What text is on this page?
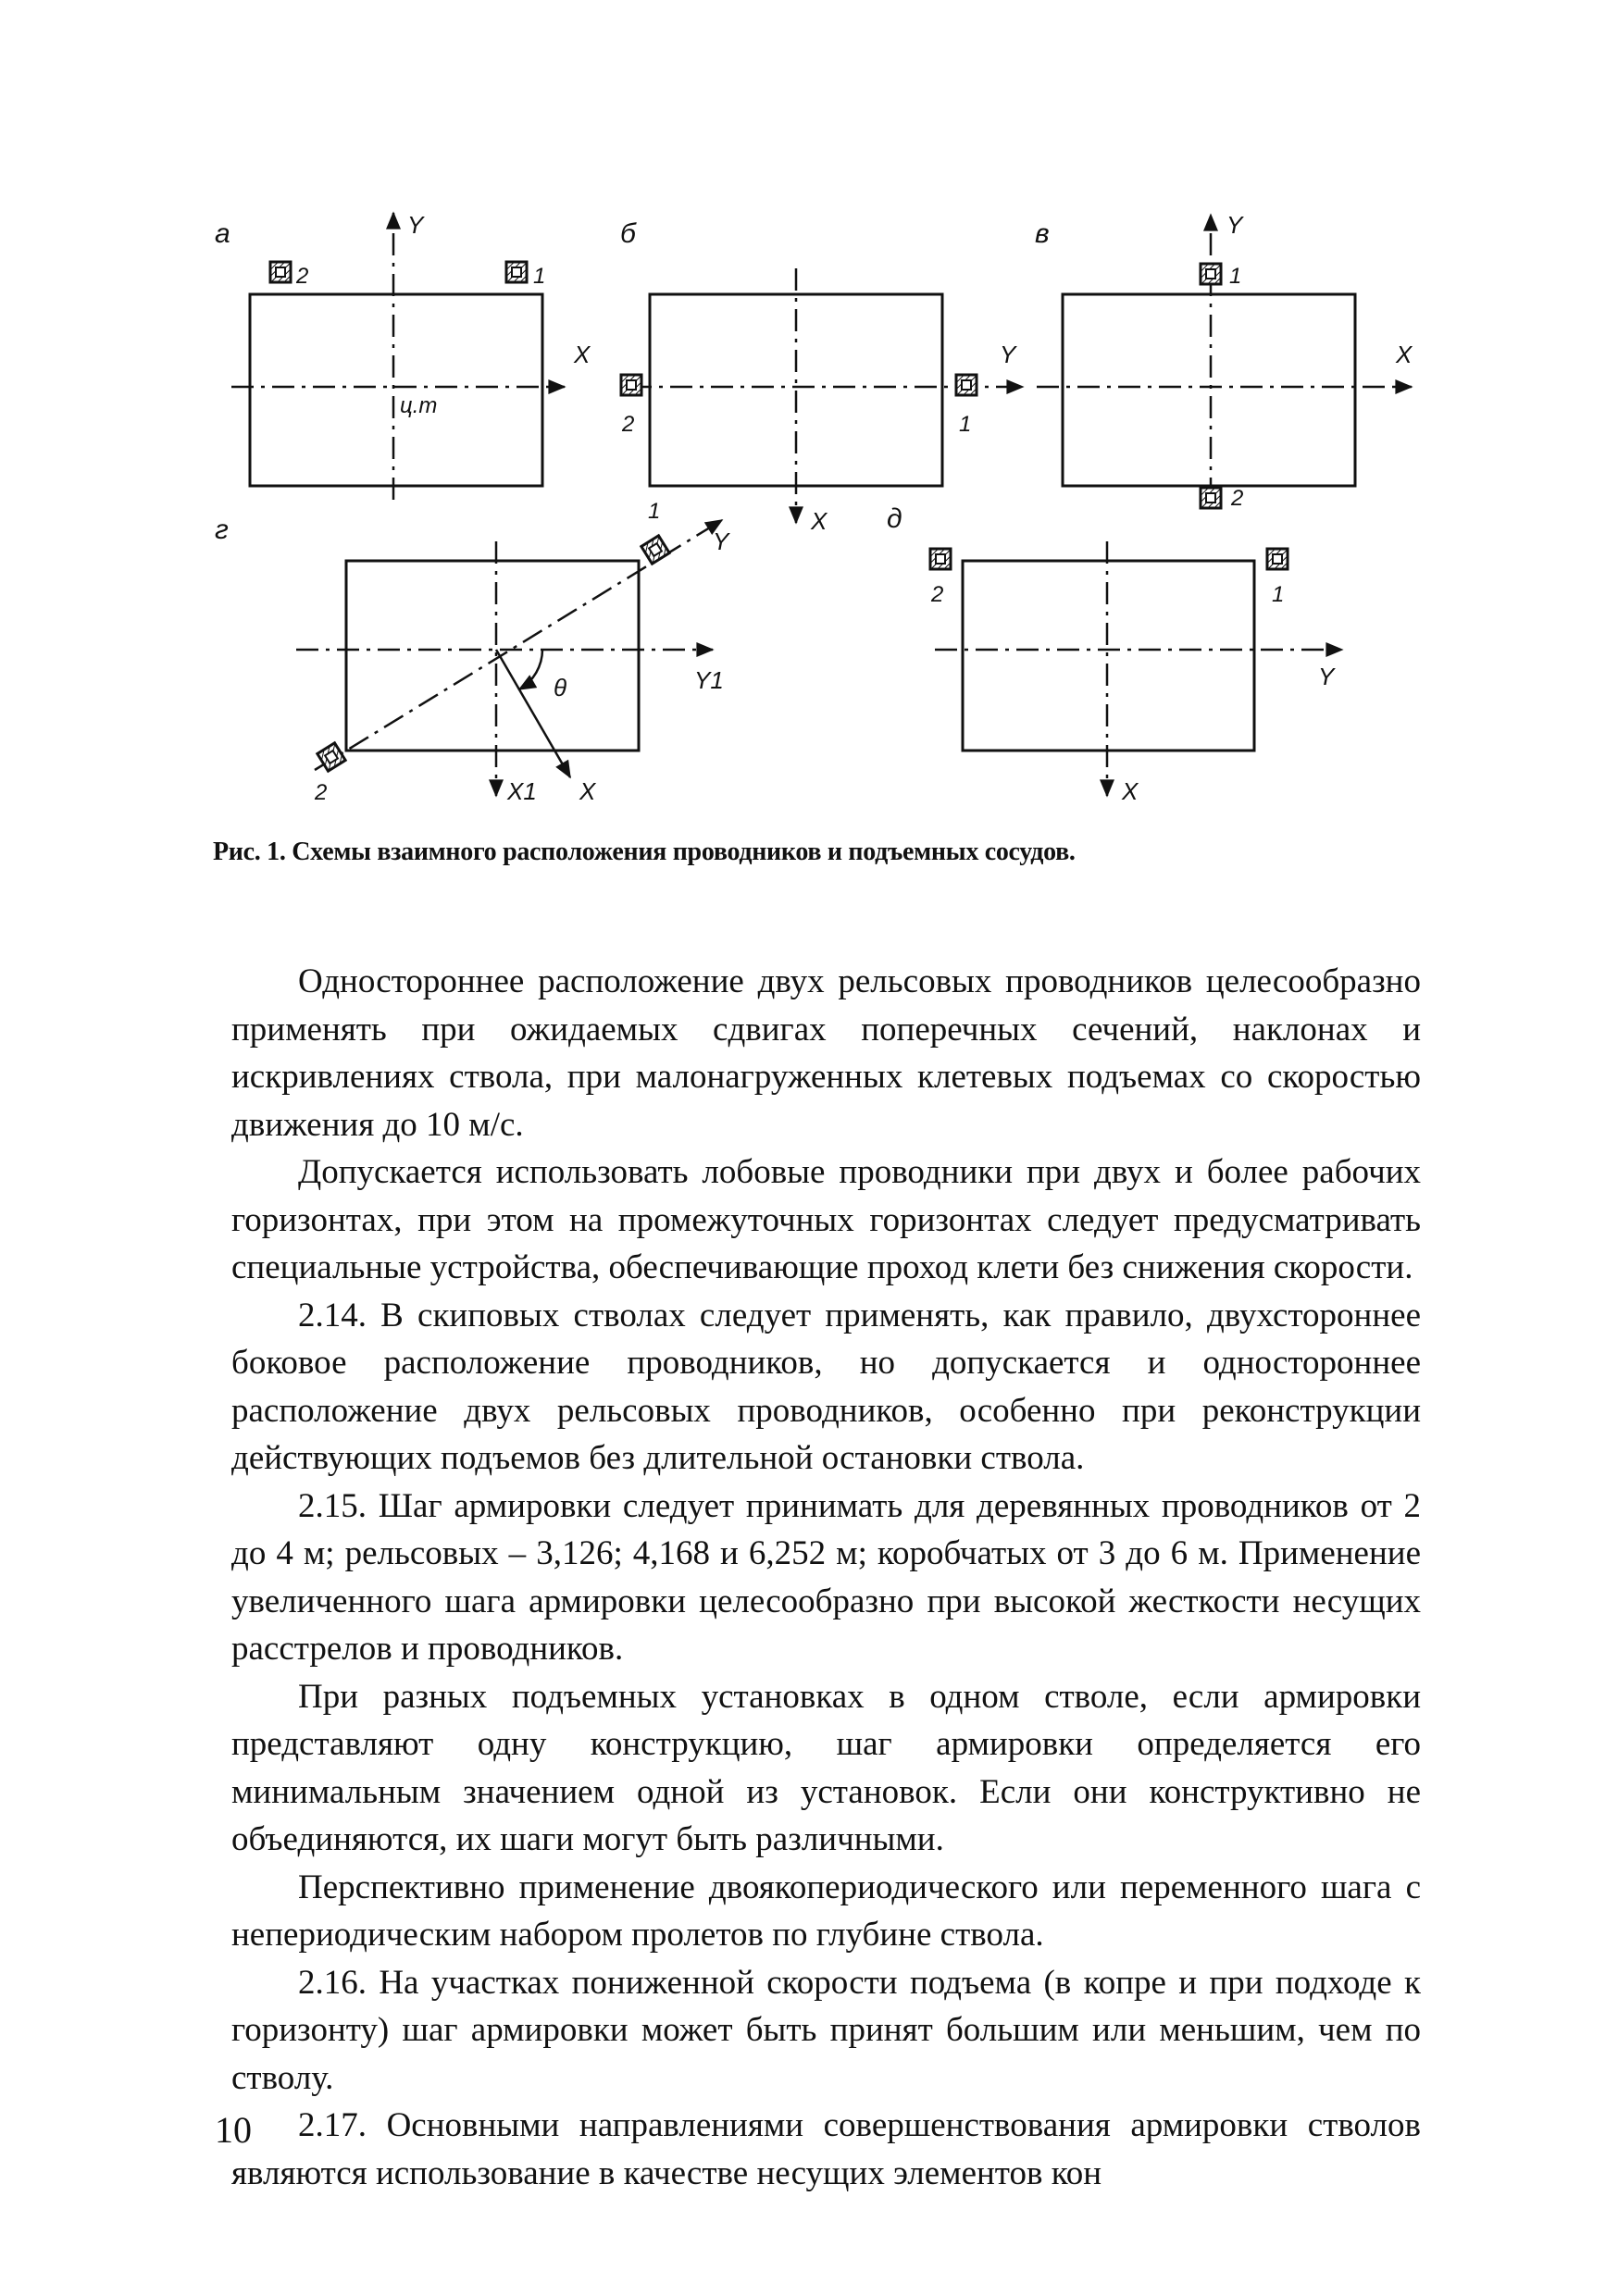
а	Y
X
ц.т
2	1
б
Y
X
2	1
в	Y
X
1
2
г
θ
Y
Y1
X1 X
1
2
д
Y
X
2	1
Рис. 1. Схемы взаимного расположения проводников и подъемных сосудов.

Одностороннее расположение двух рельсовых проводников целесообразно применять при ожидаемых сдвигах поперечных сечений, наклонах и искривлениях ствола, при малонагруженных клетевых подъемах со скоростью движения до 10 м/с.

Допускается использовать лобовые проводники при двух и более рабочих горизонтах, при этом на промежуточных горизонтах следует предусматривать специальные устройства, обеспечивающие проход клети без снижения скорости.

2.14. В скиповых стволах следует применять, как правило, двухстороннее боковое расположение проводников, но допускается и одностороннее расположение двух рельсовых проводников, особенно при реконструкции действующих подъемов без длительной остановки ствола.

2.15. Шаг армировки следует принимать для деревянных проводников от 2 до 4 м; рельсовых – 3,126; 4,168 и 6,252 м; коробчатых от 3 до 6 м. Применение увеличенного шага армировки целесообразно при высокой жесткости несущих расстрелов и проводников.

При разных подъемных установках в одном стволе, если армировки представляют одну конструкцию, шаг армировки определяется его минимальным значением одной из установок. Если они конструктивно не объединяются, их шаги могут быть различными.

Перспективно применение двоякопериодического или переменного шага с непериодическим набором пролетов по глубине ствола.

2.16. На участках пониженной скорости подъема (в копре и при подходе к горизонту) шаг армировки может быть принят большим или меньшим, чем по стволу.

2.17. Основными направлениями совершенствования армировки стволов являются использование в качестве несущих элементов кон

10
